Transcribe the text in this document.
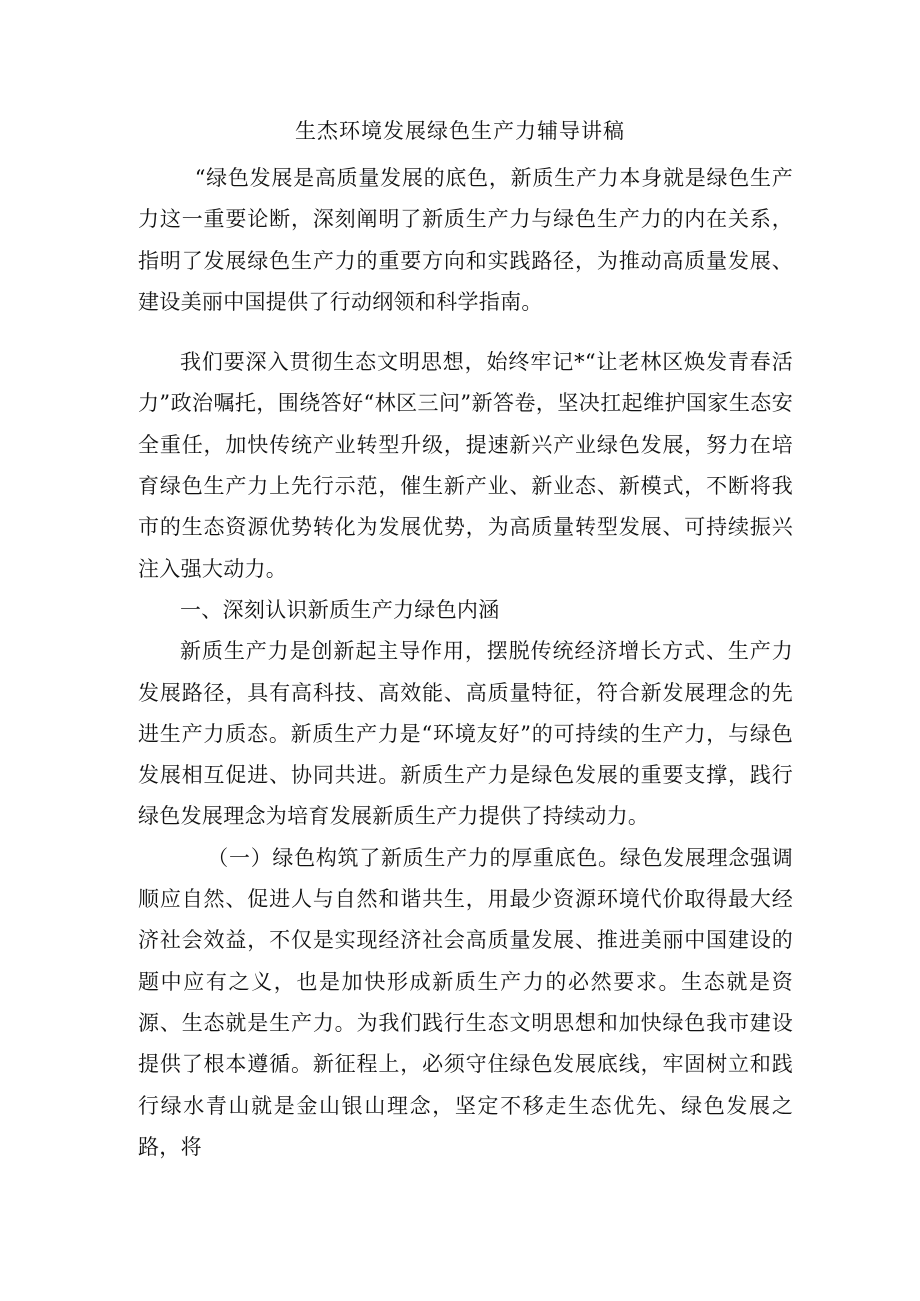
生杰环境发展绿色生产力辅导讲稿

“绿色发展是高质量发展的底色，新质生产力本身就是绿色生产力这一重要论断，深刻阐明了新质生产力与绿色生产力的内在关系，指明了发展绿色生产力的重要方向和实践路径，为推动高质量发展、建设美丽中国提供了行动纲领和科学指南。

我们要深入贯彻生态文明思想，始终牢记*“让老林区焕发青春活力”政治嘱托，围绕答好“林区三问”新答卷，坚决扛起维护国家生态安全重任，加快传统产业转型升级，提速新兴产业绿色发展，努力在培育绿色生产力上先行示范，催生新产业、新业态、新模式，不断将我市的生态资源优势转化为发展优势，为高质量转型发展、可持续振兴注入强大动力。

一、深刻认识新质生产力绿色内涵

新质生产力是创新起主导作用，摆脱传统经济增长方式、生产力发展路径，具有高科技、高效能、高质量特征，符合新发展理念的先进生产力质态。新质生产力是“环境友好”的可持续的生产力，与绿色发展相互促进、协同共进。新质生产力是绿色发展的重要支撑，践行绿色发展理念为培育发展新质生产力提供了持续动力。

（一）绿色构筑了新质生产力的厚重底色。绿色发展理念强调顺应自然、促进人与自然和谐共生，用最少资源环境代价取得最大经济社会效益，不仅是实现经济社会高质量发展、推进美丽中国建设的题中应有之义，也是加快形成新质生产力的必然要求。生态就是资源、生态就是生产力。为我们践行生态文明思想和加快绿色我市建设提供了根本遵循。新征程上，必须守住绿色发展底线，牢固树立和践行绿水青山就是金山银山理念，坚定不移走生态优先、绿色发展之路，将
